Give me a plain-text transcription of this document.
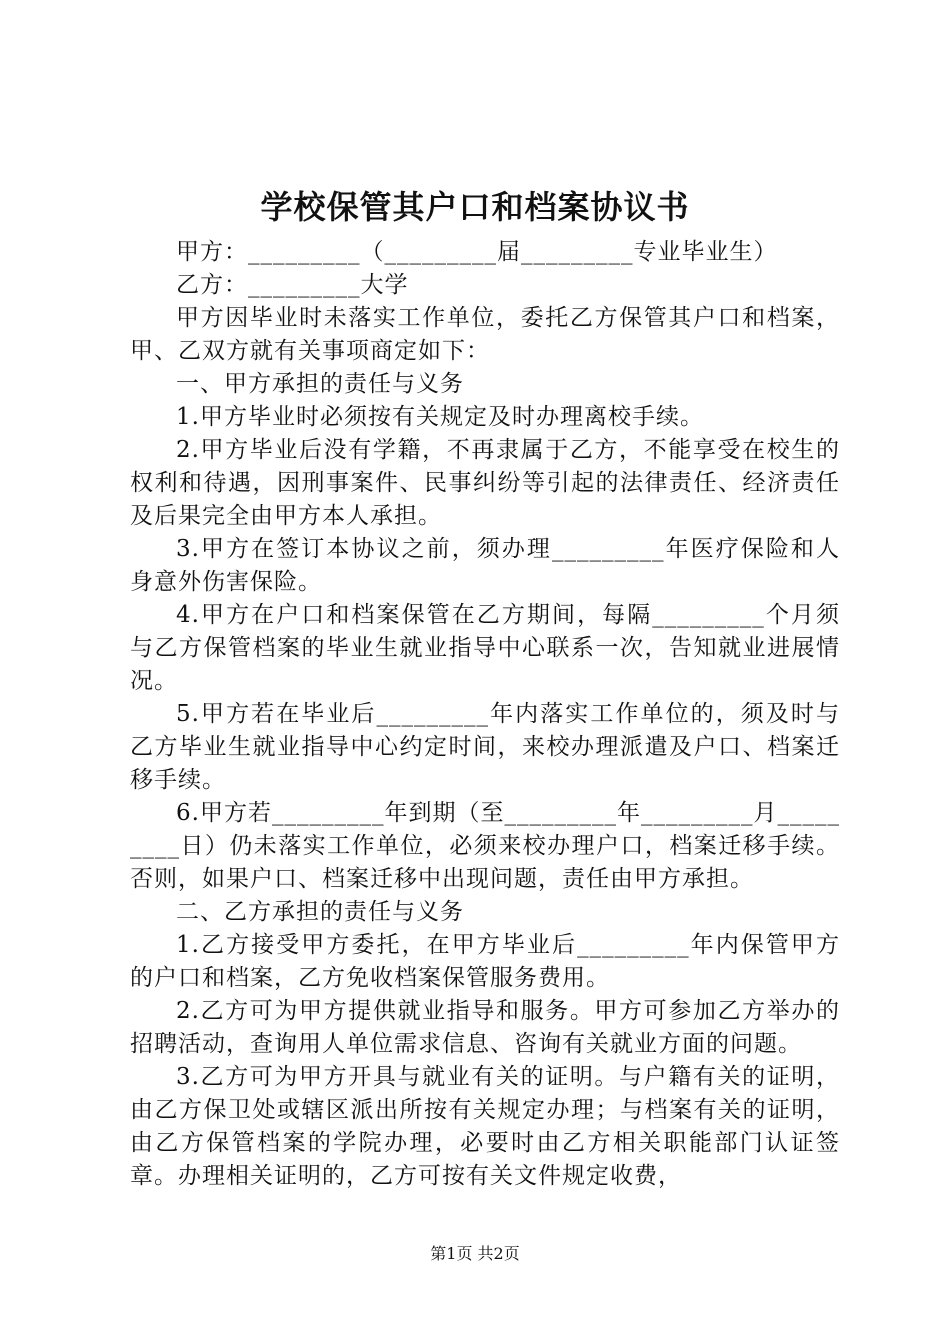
学校保管其户口和档案协议书

甲方：_________（_________届_________专业毕业生）

乙方：_________大学

甲方因毕业时未落实工作单位，委托乙方保管其户口和档案，甲、乙双方就有关事项商定如下：

一、甲方承担的责任与义务

1.甲方毕业时必须按有关规定及时办理离校手续。

2.甲方毕业后没有学籍，不再隶属于乙方，不能享受在校生的权利和待遇，因刑事案件、民事纠纷等引起的法律责任、经济责任及后果完全由甲方本人承担。

3.甲方在签订本协议之前，须办理_________年医疗保险和人身意外伤害保险。

4.甲方在户口和档案保管在乙方期间，每隔_________个月须与乙方保管档案的毕业生就业指导中心联系一次，告知就业进展情况。

5.甲方若在毕业后_________年内落实工作单位的，须及时与乙方毕业生就业指导中心约定时间，来校办理派遣及户口、档案迁移手续。

6.甲方若_________年到期（至_________年_________月_________日）仍未落实工作单位，必须来校办理户口，档案迁移手续。否则，如果户口、档案迁移中出现问题，责任由甲方承担。

二、乙方承担的责任与义务

1.乙方接受甲方委托，在甲方毕业后_________年内保管甲方的户口和档案，乙方免收档案保管服务费用。

2.乙方可为甲方提供就业指导和服务。甲方可参加乙方举办的招聘活动，查询用人单位需求信息、咨询有关就业方面的问题。

3.乙方可为甲方开具与就业有关的证明。与户籍有关的证明，由乙方保卫处或辖区派出所按有关规定办理；与档案有关的证明，由乙方保管档案的学院办理，必要时由乙方相关职能部门认证签章。办理相关证明的，乙方可按有关文件规定收费，

第1页 共2页
